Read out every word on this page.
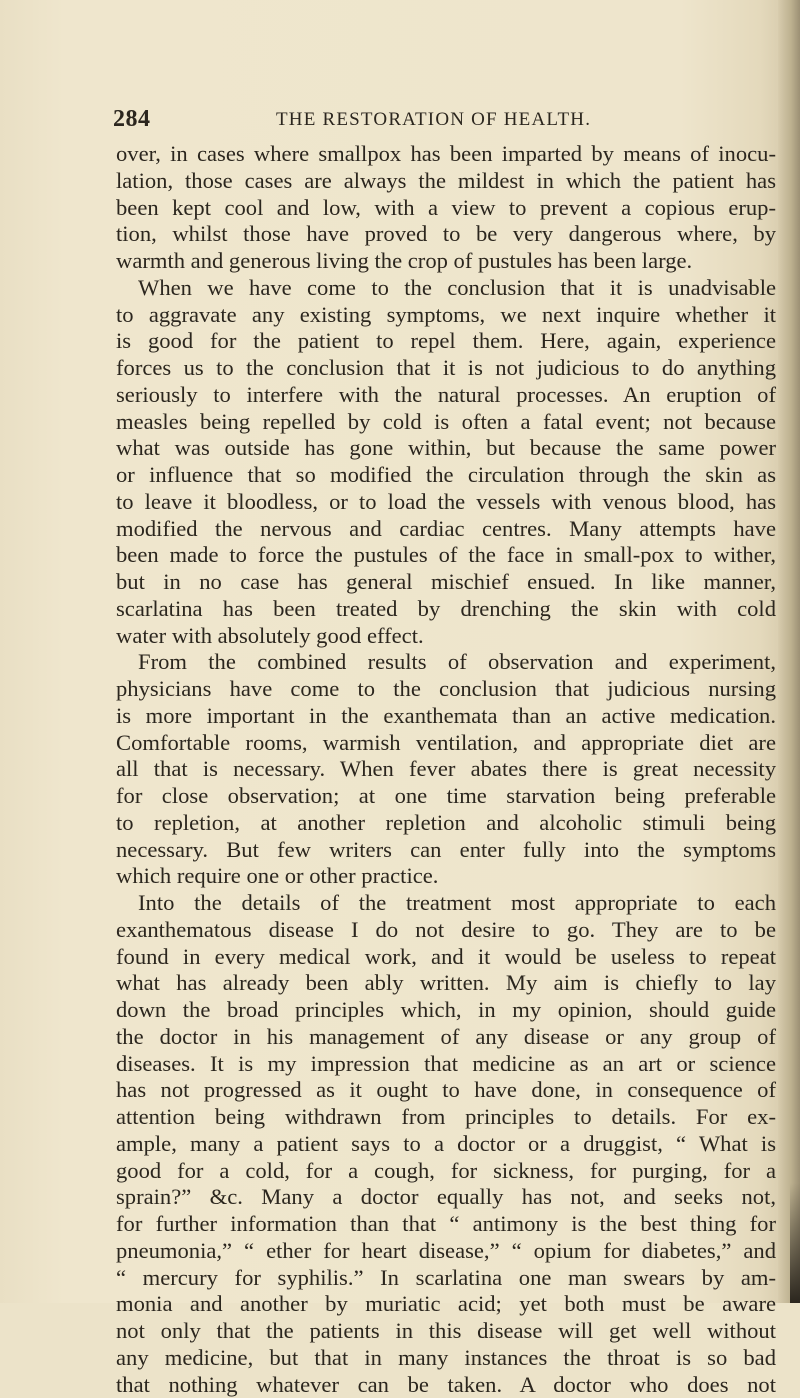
284	THE RESTORATION OF HEALTH.
over, in cases where smallpox has been imparted by means of inocu-
lation, those cases are always the mildest in which the patient has
been kept cool and low, with a view to prevent a copious erup-
tion, whilst those have proved to be very dangerous where, by
warmth and generous living the crop of pustules has been large.
When we have come to the conclusion that it is unadvisable
to aggravate any existing symptoms, we next inquire whether it
is good for the patient to repel them. Here, again, experience
forces us to the conclusion that it is not judicious to do anything
seriously to interfere with the natural processes. An eruption of
measles being repelled by cold is often a fatal event; not because
what was outside has gone within, but because the same power
or influence that so modified the circulation through the skin as
to leave it bloodless, or to load the vessels with venous blood, has
modified the nervous and cardiac centres. Many attempts have
been made to force the pustules of the face in small-pox to wither,
but in no case has general mischief ensued. In like manner,
scarlatina has been treated by drenching the skin with cold
water with absolutely good effect.
From the combined results of observation and experiment,
physicians have come to the conclusion that judicious nursing
is more important in the exanthemata than an active medication.
Comfortable rooms, warmish ventilation, and appropriate diet are
all that is necessary. When fever abates there is great necessity
for close observation; at one time starvation being preferable
to repletion, at another repletion and alcoholic stimuli being
necessary. But few writers can enter fully into the symptoms
which require one or other practice.
Into the details of the treatment most appropriate to each
exanthematous disease I do not desire to go. They are to be
found in every medical work, and it would be useless to repeat
what has already been ably written. My aim is chiefly to lay
down the broad principles which, in my opinion, should guide
the doctor in his management of any disease or any group of
diseases. It is my impression that medicine as an art or science
has not progressed as it ought to have done, in consequence of
attention being withdrawn from principles to details. For ex-
ample, many a patient says to a doctor or a druggist, “ What is
good for a cold, for a cough, for sickness, for purging, for a
sprain?” &c. Many a doctor equally has not, and seeks not,
for further information than that “ antimony is the best thing for
pneumonia,” “ ether for heart disease,” “ opium for diabetes,” and
“ mercury for syphilis.” In scarlatina one man swears by am-
monia and another by muriatic acid; yet both must be aware
not only that the patients in this disease will get well without
any medicine, but that in many instances the throat is so bad
that nothing whatever can be taken. A doctor who does not
